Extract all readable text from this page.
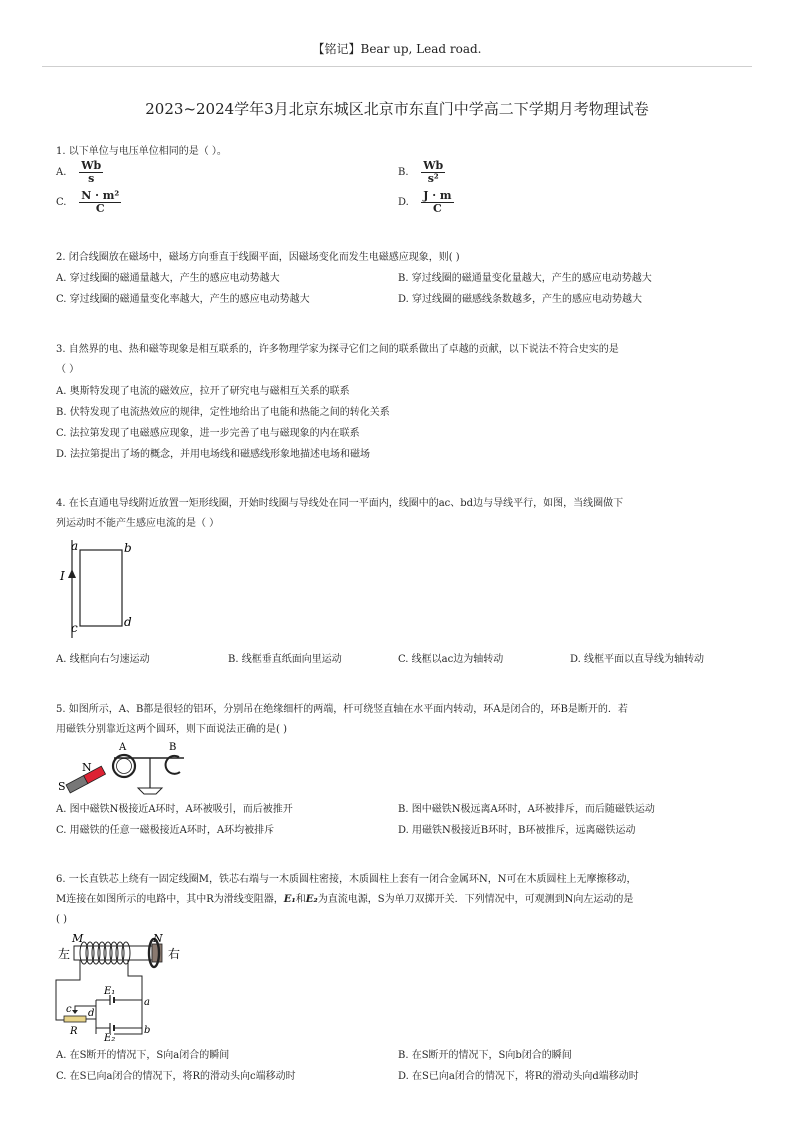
【铭记】Bear up, Lead road.
2023~2024学年3月北京东城区北京市东直门中学高二下学期月考物理试卷
1. 以下单位与电压单位相同的是（ ）。
A. $\frac{Wb}{s}$	B. $\frac{Wb}{\text{s²}}$
C. $\frac{\text{N · m²}}{C}$	D. $\frac{J \cdot m}{C}$
2. 闭合线圈放在磁场中，磁场方向垂直于线圈平面，因磁场变化而发生电磁感应现象，则( )
A. 穿过线圈的磁通量越大，产生的感应电动势越大	B. 穿过线圈的磁通量变化量越大，产生的感应电动势越大
C. 穿过线圈的磁通量变化率越大，产生的感应电动势越大	D. 穿过线圈的磁感线条数越多，产生的感应电动势越大
3. 自然界的电、热和磁等现象是相互联系的，许多物理学家为探寻它们之间的联系做出了卓越的贡献，以下说法不符合史实的是
（ ）
A. 奥斯特发现了电流的磁效应，拉开了研究电与磁相互关系的联系
B. 伏特发现了电流热效应的规律，定性地给出了电能和热能之间的转化关系
C. 法拉第发现了电磁感应现象，进一步完善了电与磁现象的内在联系
D. 法拉第提出了场的概念，并用电场线和磁感线形象地描述电场和磁场
4. 在长直通电导线附近放置一矩形线圈，开始时线圈与导线处在同一平面内，线圈中的ac、bd边与导线平行，如图，当线圈做下
列运动时不能产生感应电流的是（ ）
I
a	b
c	d
A. 线框向右匀速运动	B. 线框垂直纸面向里运动	C. 线框以ac边为轴转动	D. 线框平面以直导线为轴转动
5. 如图所示，A、B都是很轻的铝环，分别吊在绝缘细杆的两端，杆可绕竖直轴在水平面内转动，环A是闭合的，环B是断开的．若
用磁铁分别靠近这两个圆环，则下面说法正确的是( )
A	B
S
N
A. 图中磁铁N极接近A环时，A环被吸引，而后被推开	B. 图中磁铁N极远离A环时，A环被排斥，而后随磁铁运动
C. 用磁铁的任意一磁极接近A环时，A环均被排斥	D. 用磁铁N极接近B环时，B环被推斥，远离磁铁运动
6. 一长直铁芯上绕有一固定线圈M，铁芯右端与一木质圆柱密接，木质圆柱上套有一闭合金属环N，N可在木质圆柱上无摩擦移动，
M连接在如图所示的电路中，其中R为滑线变阻器，E₁和E₂为直流电源，S为单刀双掷开关．下列情况中，可观测到N向左运动的是
( )
左	右
M	N
c d
R
E₁
E₂
a
b
A. 在S断开的情况下，S向a闭合的瞬间	B. 在S断开的情况下，S向b闭合的瞬间
C. 在S已向a闭合的情况下，将R的滑动头向c端移动时	D. 在S已向a闭合的情况下，将R的滑动头向d端移动时
